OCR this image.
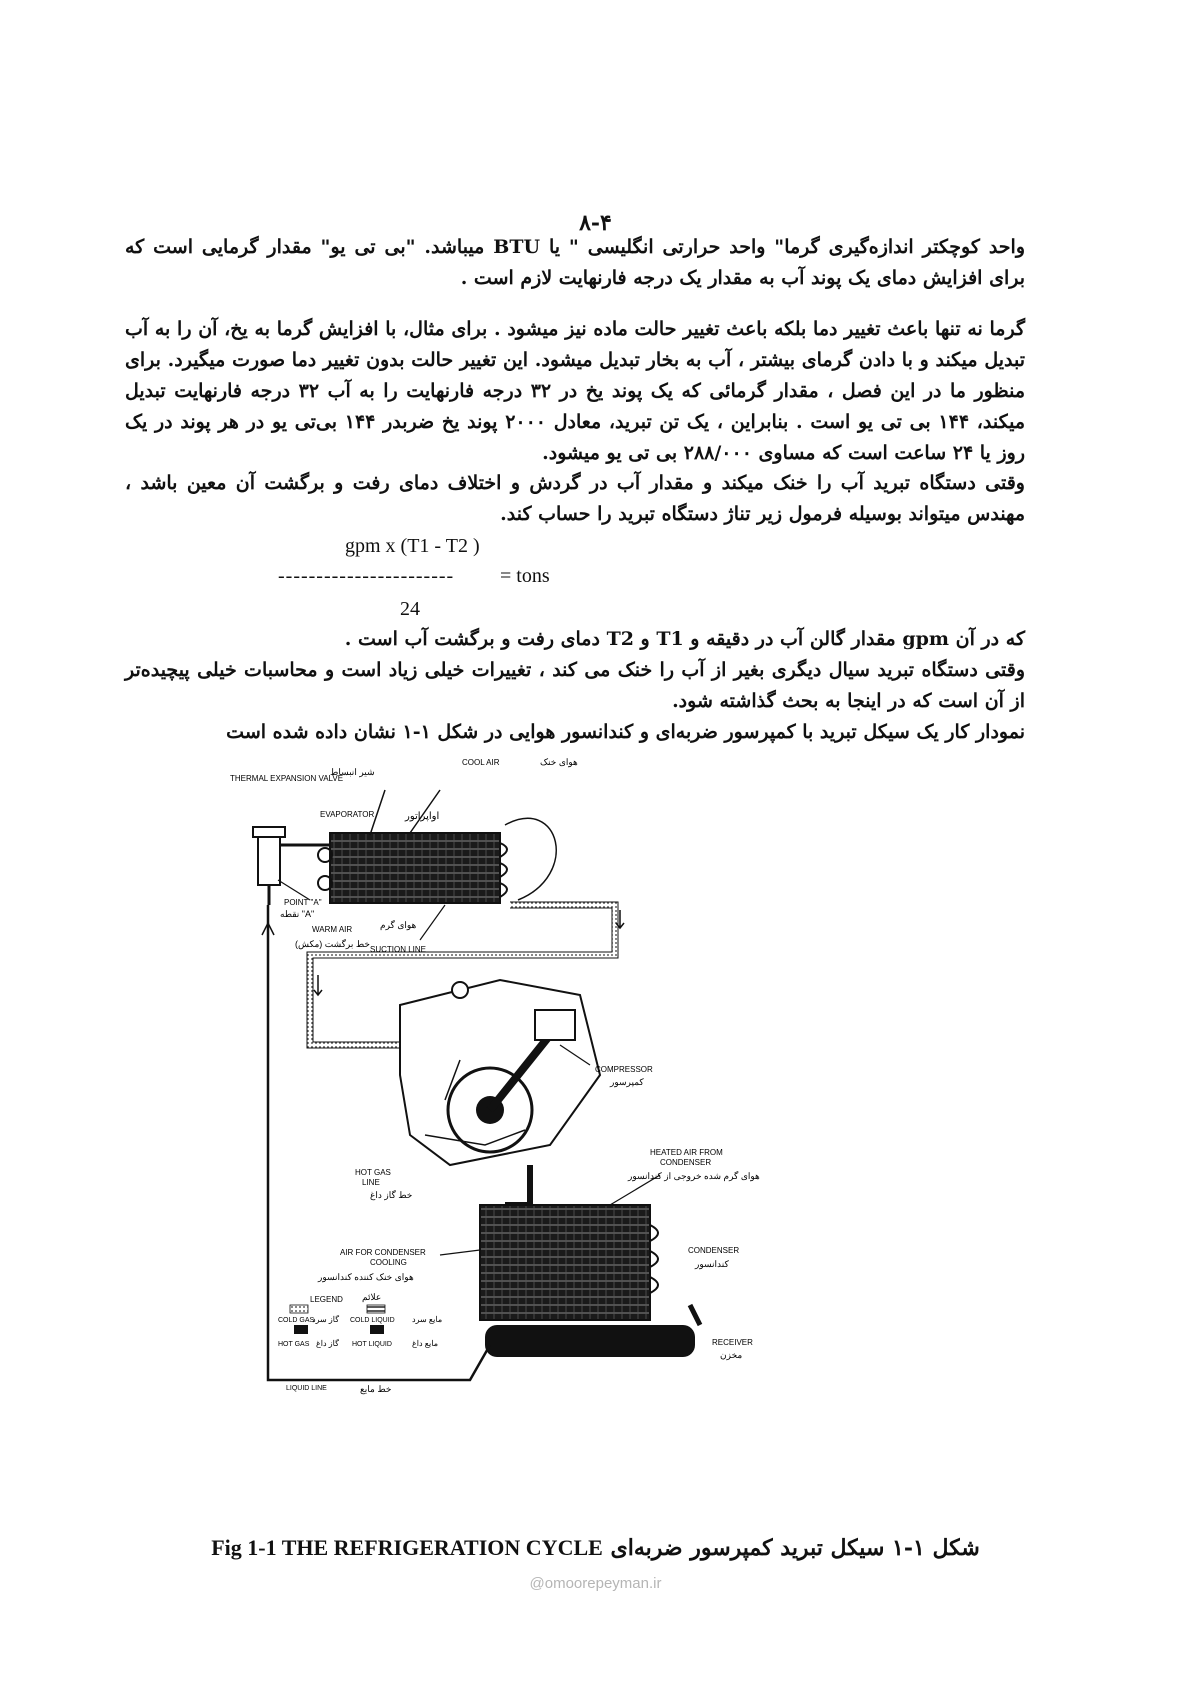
۸-۴

واحد کوچکتر اندازه‌گیری گرما" واحد حرارتی انگلیسی " یا BTU میباشد. "بی تی یو" مقدار گرمایی است که برای افزایش دمای یک پوند آب به مقدار یک درجه فارنهایت لازم است .

گرما نه تنها باعث تغییر دما بلکه باعث تغییر حالت ماده نیز میشود . برای مثال، با افزایش گرما به یخ، آن را به آب تبدیل میکند و با دادن گرمای بیشتر ، آب به بخار تبدیل میشود. این تغییر حالت بدون تغییر دما صورت میگیرد. برای منظور ما در این فصل ، مقدار گرمائی که یک پوند یخ در ۳۲ درجه فارنهایت را به آب ۳۲ درجه فارنهایت تبدیل میکند، ۱۴۴ بی تی یو است . بنابراین ، یک تن تبرید، معادل ۲۰۰۰ پوند یخ ضربدر ۱۴۴ بی‌تی یو در هر پوند در یک روز یا ۲۴ ساعت است که مساوی ۲۸۸/۰۰۰ بی تی یو میشود.

وقتی دستگاه تبرید آب را خنک میکند و مقدار آب در گردش و اختلاف دمای رفت و برگشت آن معین باشد ، مهندس میتواند بوسیله فرمول زیر تناژ دستگاه تبرید را حساب کند.

gpm x (T1 - T2 )
----------------------- = tons
24

که در آن gpm مقدار گالن آب در دقیقه و T1 و T2 دمای رفت و برگشت آب است .

وقتی دستگاه تبرید سیال دیگری بغیر از آب را خنک می کند ، تغییرات خیلی زیاد است و محاسبات خیلی پیچیده‌تر از آن است که در اینجا به بحث گذاشته شود.

نمودار کار یک سیکل تبرید با کمپرسور ضربه‌ای و کندانسور هوایی در شکل ۱-۱ نشان داده شده است

شیر انبساط
THERMAL EXPANSION VALVE
COOL AIR	هوای خنک
EVAPORATOR	اواپراتور
POINT "A"
نقطه "A"
WARM AIR	هوای گرم
SUCTION LINE
خط برگشت (مکش)
COMPRESSOR
کمپرسور
HEATED AIR FROM
CONDENSER
هوای گرم شده خروجی از کندانسور
HOT GAS
LINE
خط گاز داغ
AIR FOR CONDENSER
COOLING
هوای خنک کننده کندانسور
CONDENSER
کندانسور
LEGEND علائم
COLD GAS
گاز سرد COLD LIQUID مایع سرد
HOT GAS گاز داغ HOT LIQUID	مایع داغ	RECEIVER
مخزن
LIQUID LINE	خط مایع
Fig 1-1 THE REFRIGERATION CYCLE شکل ۱-۱ سیکل تبرید کمپرسور ضربه‌ای
@omoorepeyman.ir
